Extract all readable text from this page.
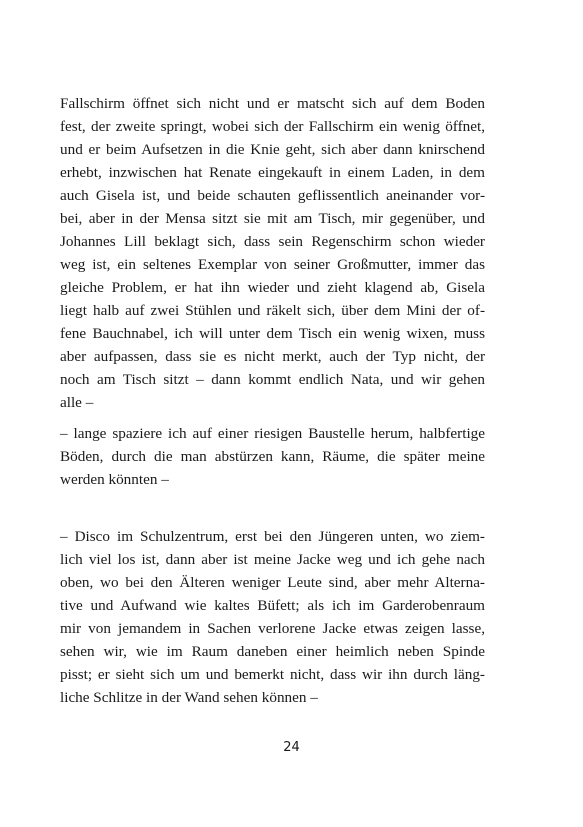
Fallschirm öffnet sich nicht und er matscht sich auf dem Boden
fest, der zweite springt, wobei sich der Fallschirm ein wenig öffnet,
und er beim Aufsetzen in die Knie geht, sich aber dann knirschend
erhebt, inzwischen hat Renate eingekauft in einem Laden, in dem
auch Gisela ist, und beide schauten geflissentlich aneinander vor-
bei, aber in der Mensa sitzt sie mit am Tisch, mir gegenüber, und
Johannes Lill beklagt sich, dass sein Regenschirm schon wieder
weg ist, ein seltenes Exemplar von seiner Großmutter, immer das
gleiche Problem, er hat ihn wieder und zieht klagend ab, Gisela
liegt halb auf zwei Stühlen und räkelt sich, über dem Mini der of-
fene Bauchnabel, ich will unter dem Tisch ein wenig wixen, muss
aber aufpassen, dass sie es nicht merkt, auch der Typ nicht, der
noch am Tisch sitzt – dann kommt endlich Nata, und wir gehen
alle –
– lange spaziere ich auf einer riesigen Baustelle herum, halbfertige
Böden, durch die man abstürzen kann, Räume, die später meine
werden könnten –
– Disco im Schulzentrum, erst bei den Jüngeren unten, wo ziem-
lich viel los ist, dann aber ist meine Jacke weg und ich gehe nach
oben, wo bei den Älteren weniger Leute sind, aber mehr Alterna-
tive und Aufwand wie kaltes Büfett; als ich im Garderobenraum
mir von jemandem in Sachen verlorene Jacke etwas zeigen lasse,
sehen wir, wie im Raum daneben einer heimlich neben Spinde
pisst; er sieht sich um und bemerkt nicht, dass wir ihn durch läng-
liche Schlitze in der Wand sehen können –
24
